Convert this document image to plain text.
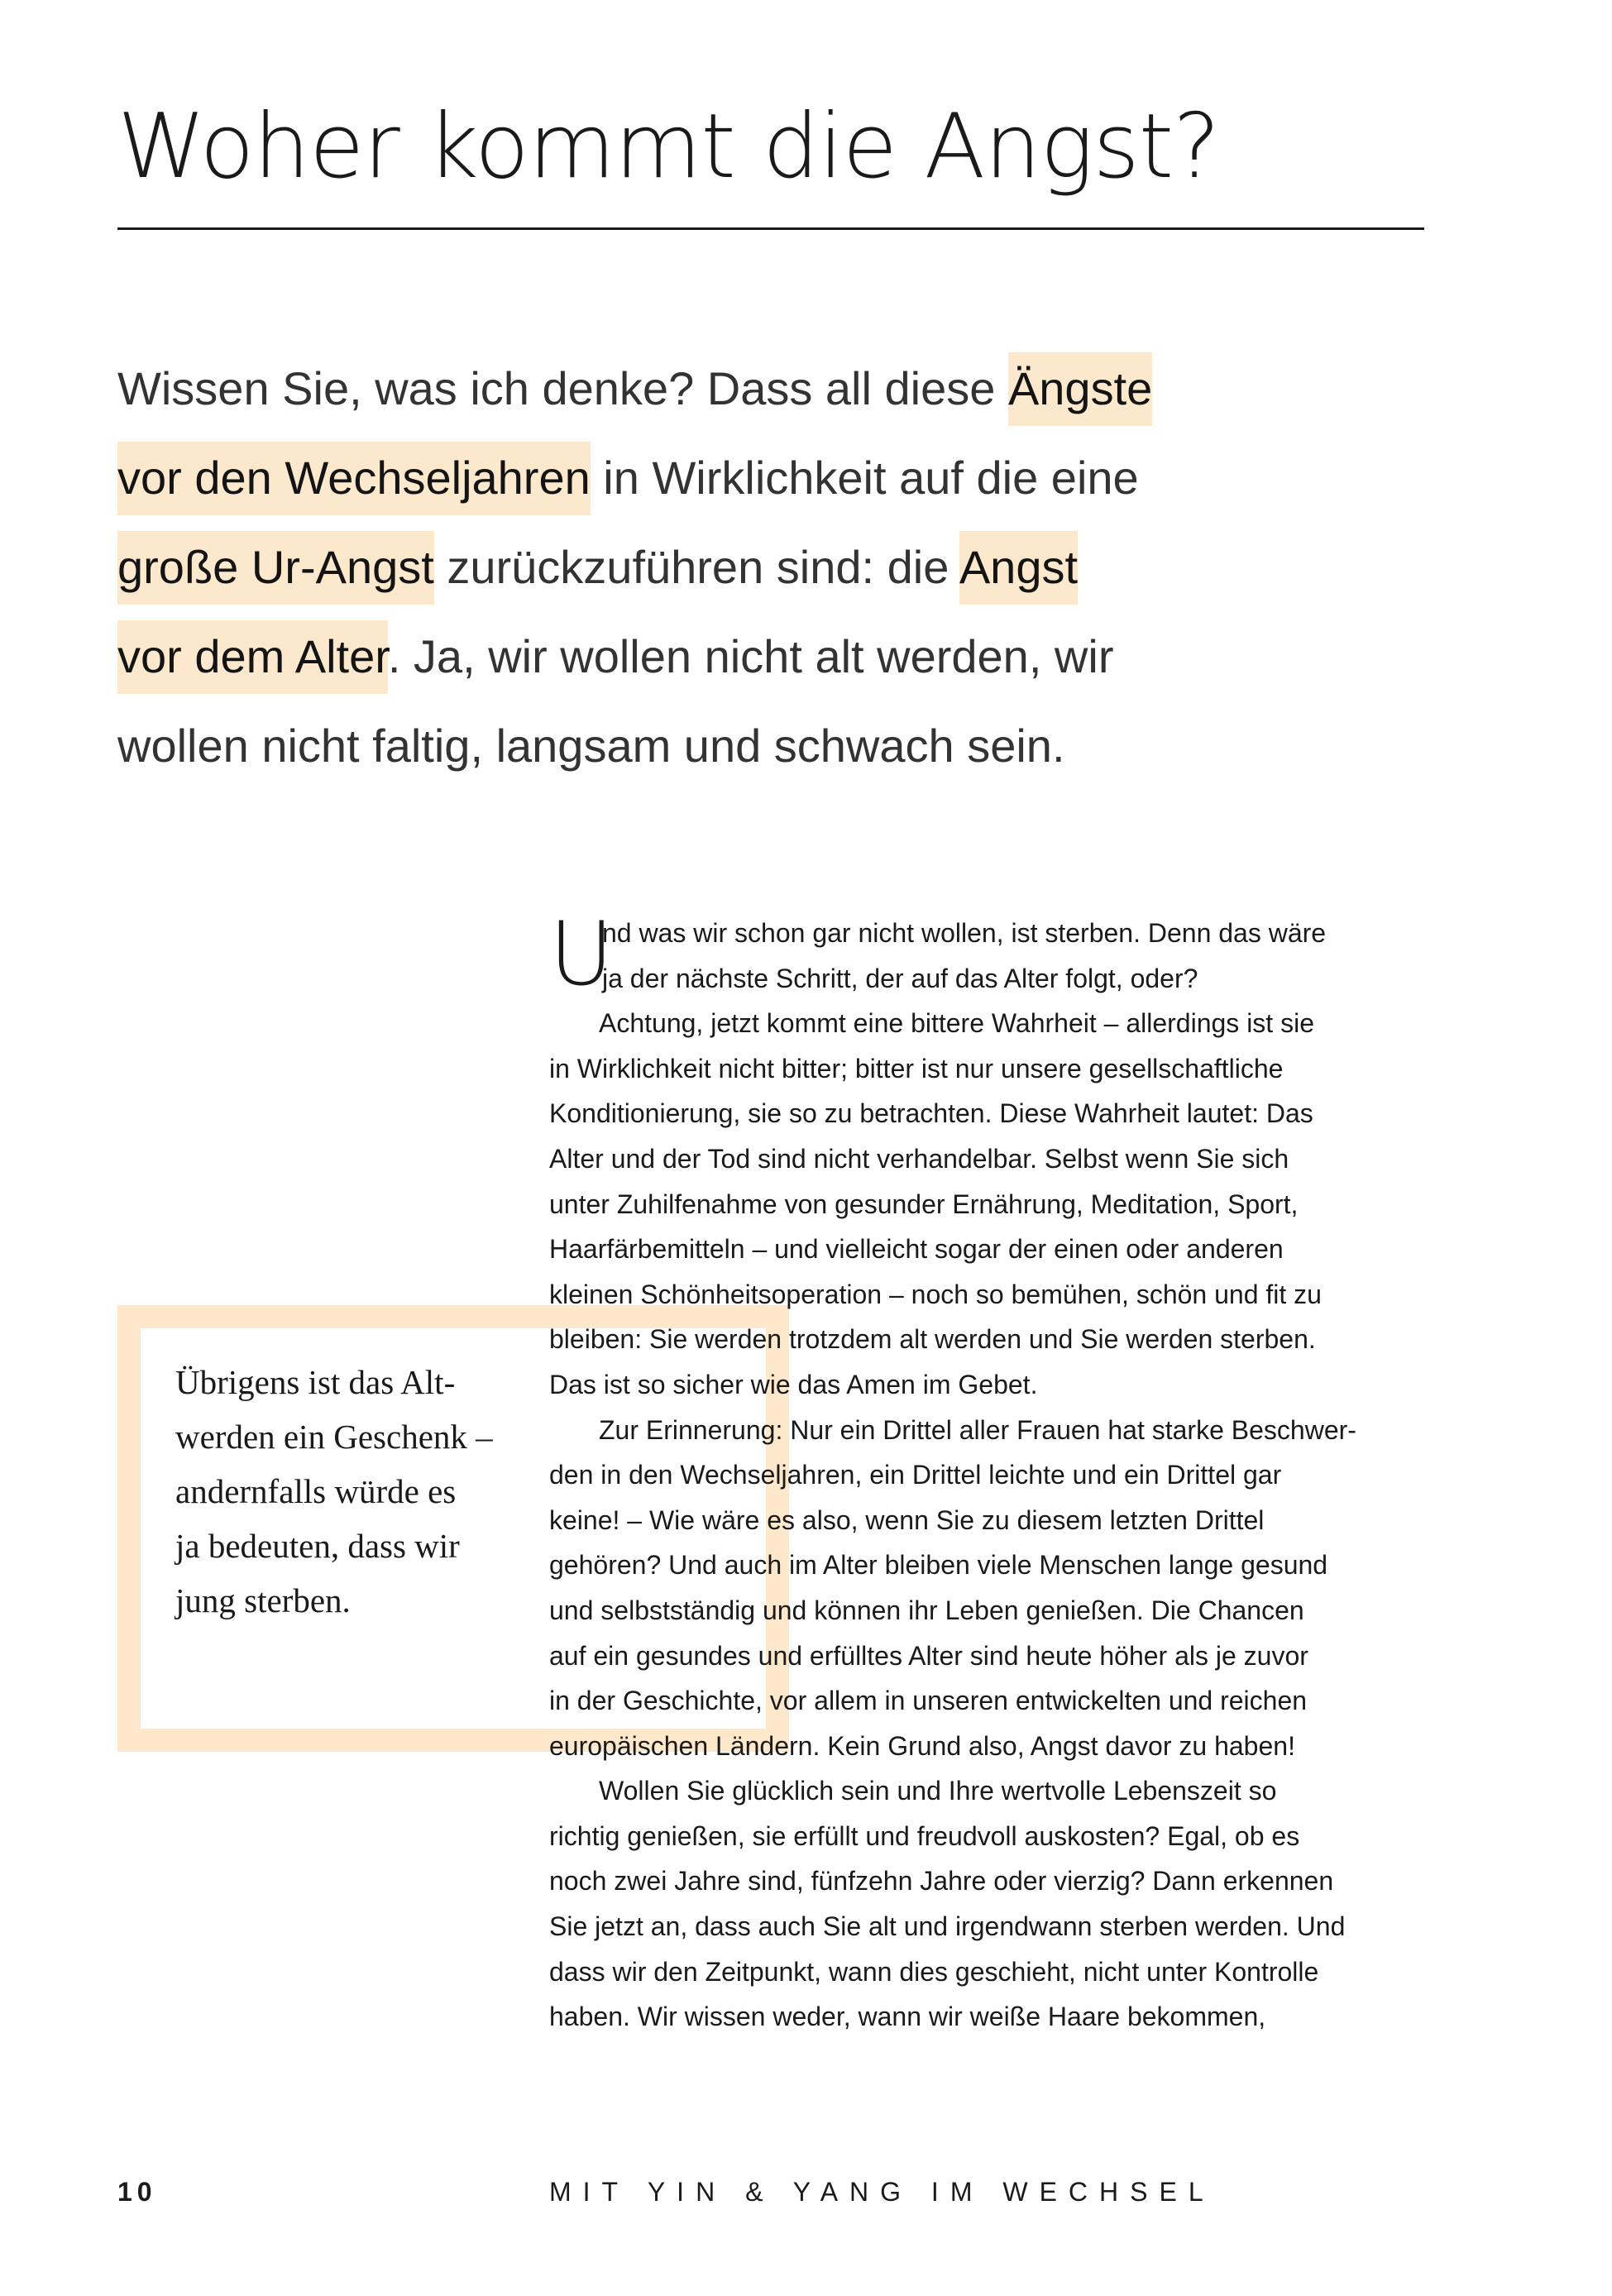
Woher kommt die Angst?
Wissen Sie, was ich denke? Dass all diese Ängste
vor den Wechseljahren in Wirklichkeit auf die eine
große Ur-Angst zurückzuführen sind: die Angst
vor dem Alter. Ja, wir wollen nicht alt werden, wir
wollen nicht faltig, langsam und schwach sein.
Übrigens ist das Alt-
werden ein Geschenk –
andernfalls würde es
ja bedeuten, dass wir
jung sterben.
U
nd was wir schon gar nicht wollen, ist sterben. Denn das wäre
ja der nächste Schritt, der auf das Alter folgt, oder?
Achtung, jetzt kommt eine bittere Wahrheit – allerdings ist sie
in Wirklichkeit nicht bitter; bitter ist nur unsere gesellschaftliche
Konditionierung, sie so zu betrachten. Diese Wahrheit lautet: Das
Alter und der Tod sind nicht verhandelbar. Selbst wenn Sie sich
unter Zuhilfenahme von gesunder Ernährung, Meditation, Sport,
Haarfärbemitteln – und vielleicht sogar der einen oder anderen
kleinen Schönheitsoperation – noch so bemühen, schön und fit zu
bleiben: Sie werden trotzdem alt werden und Sie werden sterben.
Das ist so sicher wie das Amen im Gebet.
Zur Erinnerung: Nur ein Drittel aller Frauen hat starke Beschwer-
den in den Wechseljahren, ein Drittel leichte und ein Drittel gar
keine! – Wie wäre es also, wenn Sie zu diesem letzten Drittel
gehören? Und auch im Alter bleiben viele Menschen lange gesund
und selbstständig und können ihr Leben genießen. Die Chancen
auf ein gesundes und erfülltes Alter sind heute höher als je zuvor
in der Geschichte, vor allem in unseren entwickelten und reichen
europäischen Ländern. Kein Grund also, Angst davor zu haben!
Wollen Sie glücklich sein und Ihre wertvolle Lebenszeit so
richtig genießen, sie erfüllt und freudvoll auskosten? Egal, ob es
noch zwei Jahre sind, fünfzehn Jahre oder vierzig? Dann erkennen
Sie jetzt an, dass auch Sie alt und irgendwann sterben werden. Und
dass wir den Zeitpunkt, wann dies geschieht, nicht unter Kontrolle
haben. Wir wissen weder, wann wir weiße Haare bekommen,
10	MIT YIN & YANG IM WECHSEL
